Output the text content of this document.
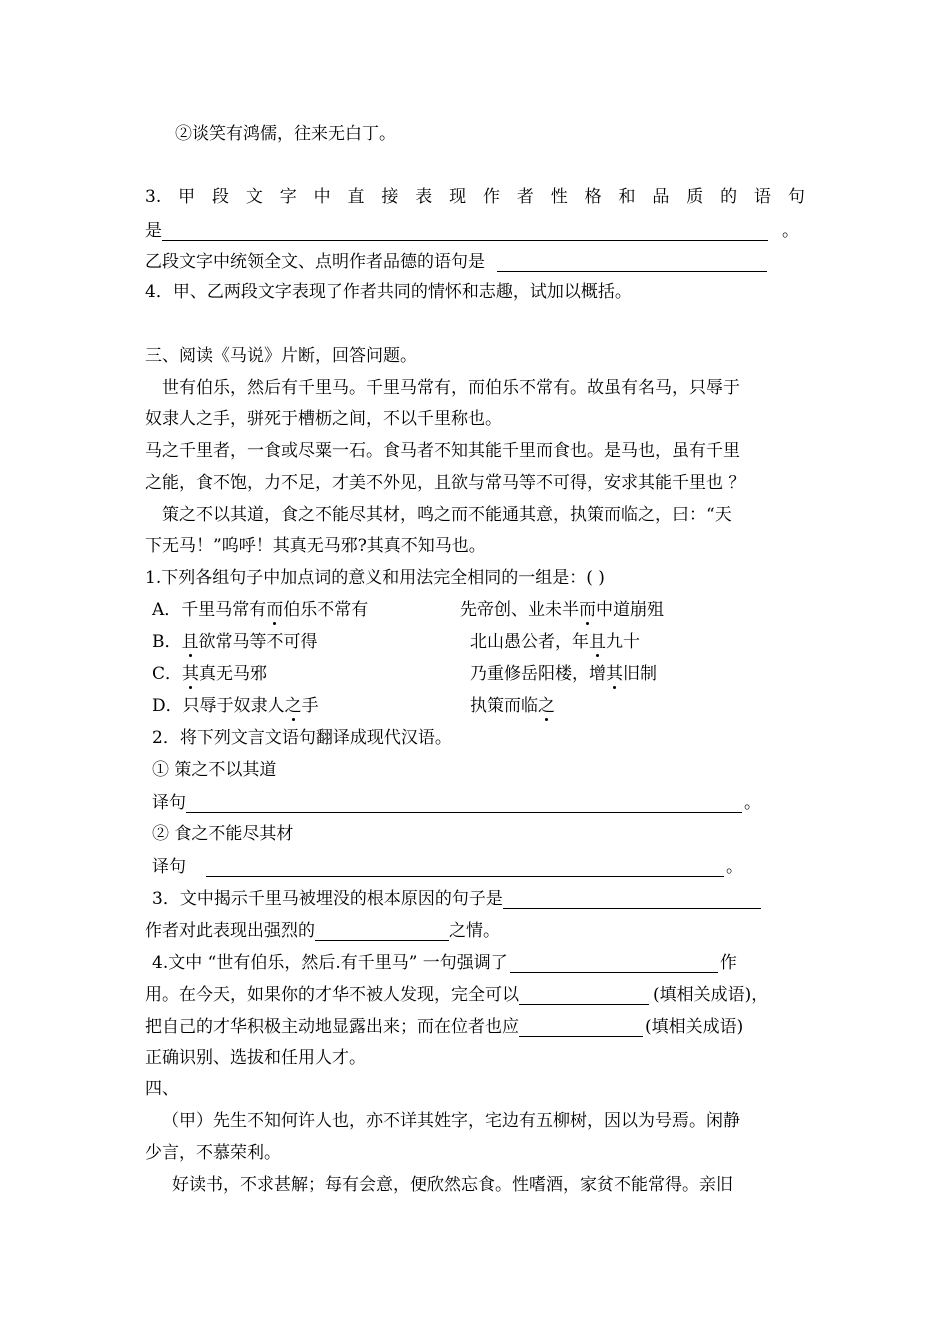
②谈笑有鸿儒，往来无白丁。
3. 甲 段 文 字 中 直 接 表 现 作 者 性 格 和 品 质 的 语 句
是	。
乙段文字中统领全文、点明作者品德的语句是
4．甲、乙两段文字表现了作者共同的情怀和志趣，试加以概括。
三、阅读《马说》片断，回答问题。
世有伯乐，然后有千里马。千里马常有，而伯乐不常有。故虽有名马，只辱于
奴隶人之手，骈死于槽枥之间，不以千里称也。
马之千里者，一食或尽粟一石。食马者不知其能千里而食也。是马也，虽有千里
之能，食不饱，力不足，才美不外见，且欲与常马等不可得，安求其能千里也 ？
策之不以其道，食之不能尽其材，鸣之而不能通其意，执策而临之，曰：“天
下无马！”呜呼！其真无马邪?其真不知马也。
1.下列各组句子中加点词的意义和用法完全相同的一组是：( )
A．千里马常有而伯乐不常有	先帝创、业未半而中道崩殂
B．且欲常马等不可得	北山愚公者，年且九十
C．其真无马邪	乃重修岳阳楼，增其旧制
D．只辱于奴隶人之手	执策而临之
2．将下列文言文语句翻译成现代汉语。
① 策之不以其道
译句	。
② 食之不能尽其材
译句	。
3．文中揭示千里马被埋没的根本原因的句子是
作者对此表现出强烈的	之情。
4.文中 “世有伯乐，然后.有千里马” 一句强调了	作
用。在今天，如果你的才华不被人发现，完全可以	(填相关成语)，
把自己的才华积极主动地显露出来；而在位者也应	(填相关成语)
正确识别、选拔和任用人才。
四、
（甲）先生不知何许人也，亦不详其姓字，宅边有五柳树，因以为号焉。闲静
少言，不慕荣利。
好读书，不求甚解；每有会意，便欣然忘食。性嗜酒，家贫不能常得。亲旧
